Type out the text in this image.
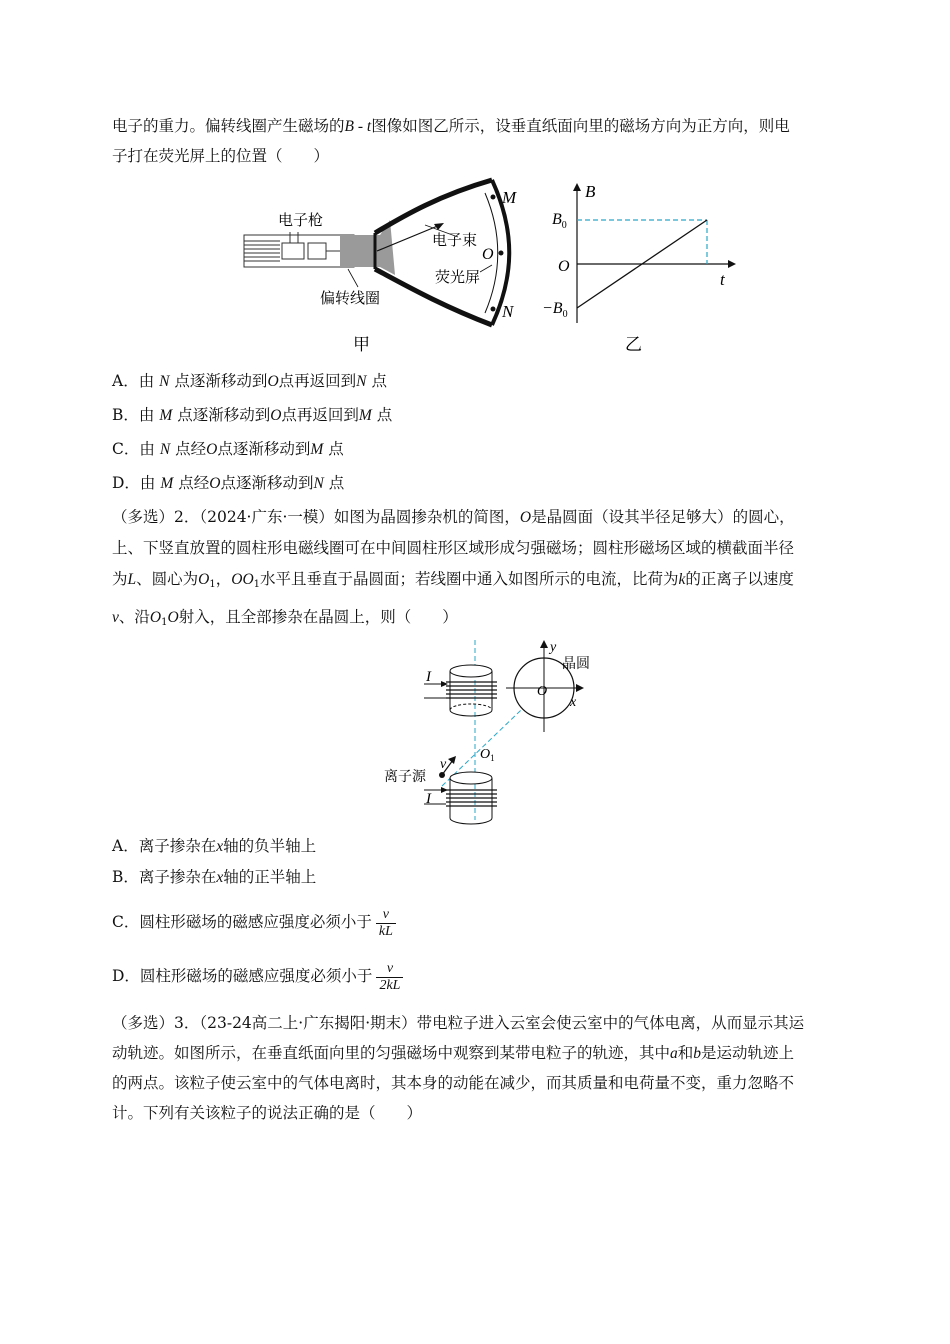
电子的重力。偏转线圈产生磁场的B - t图像如图乙所示，设垂直纸面向里的磁场方向为正方向，则电
子打在荧光屏上的位置（　　）
M
O
N
电子枪
电子束
荧光屏
偏转线圈
甲
B
$B_0$
O
t
$-B_0$
乙
A．由 N 点逐渐移动到O点再返回到N 点
B．由 M 点逐渐移动到O点再返回到M 点
C．由 N 点经O点逐渐移动到M 点
D．由 M 点经O点逐渐移动到N 点
（多选）2．（2024·广东·一模）如图为晶圆掺杂机的简图，O是晶圆面（设其半径足够大）的圆心，
上、下竖直放置的圆柱形电磁线圈可在中间圆柱形区域形成匀强磁场；圆柱形磁场区域的横截面半径
为L、圆心为$O_1$，$OO_1$水平且垂直于晶圆面；若线圈中通入如图所示的电流，比荷为k的正离子以速度
v、沿$O_1O$射入，且全部掺杂在晶圆上，则（　　）
I
I
v
离子源
$O_1$
y
x
O
晶圆
A．离子掺杂在x轴的负半轴上
B．离子掺杂在x轴的正半轴上
C．圆柱形磁场的磁感应强度必须小于 $\frac{v}{kL}$
D．圆柱形磁场的磁感应强度必须小于 $\frac{v}{2kL}$
（多选）3．（23-24高二上·广东揭阳·期末）带电粒子进入云室会使云室中的气体电离，从而显示其运
动轨迹。如图所示，在垂直纸面向里的匀强磁场中观察到某带电粒子的轨迹，其中a和b是运动轨迹上
的两点。该粒子使云室中的气体电离时，其本身的动能在减少，而其质量和电荷量不变，重力忽略不
计。下列有关该粒子的说法正确的是（　　）
